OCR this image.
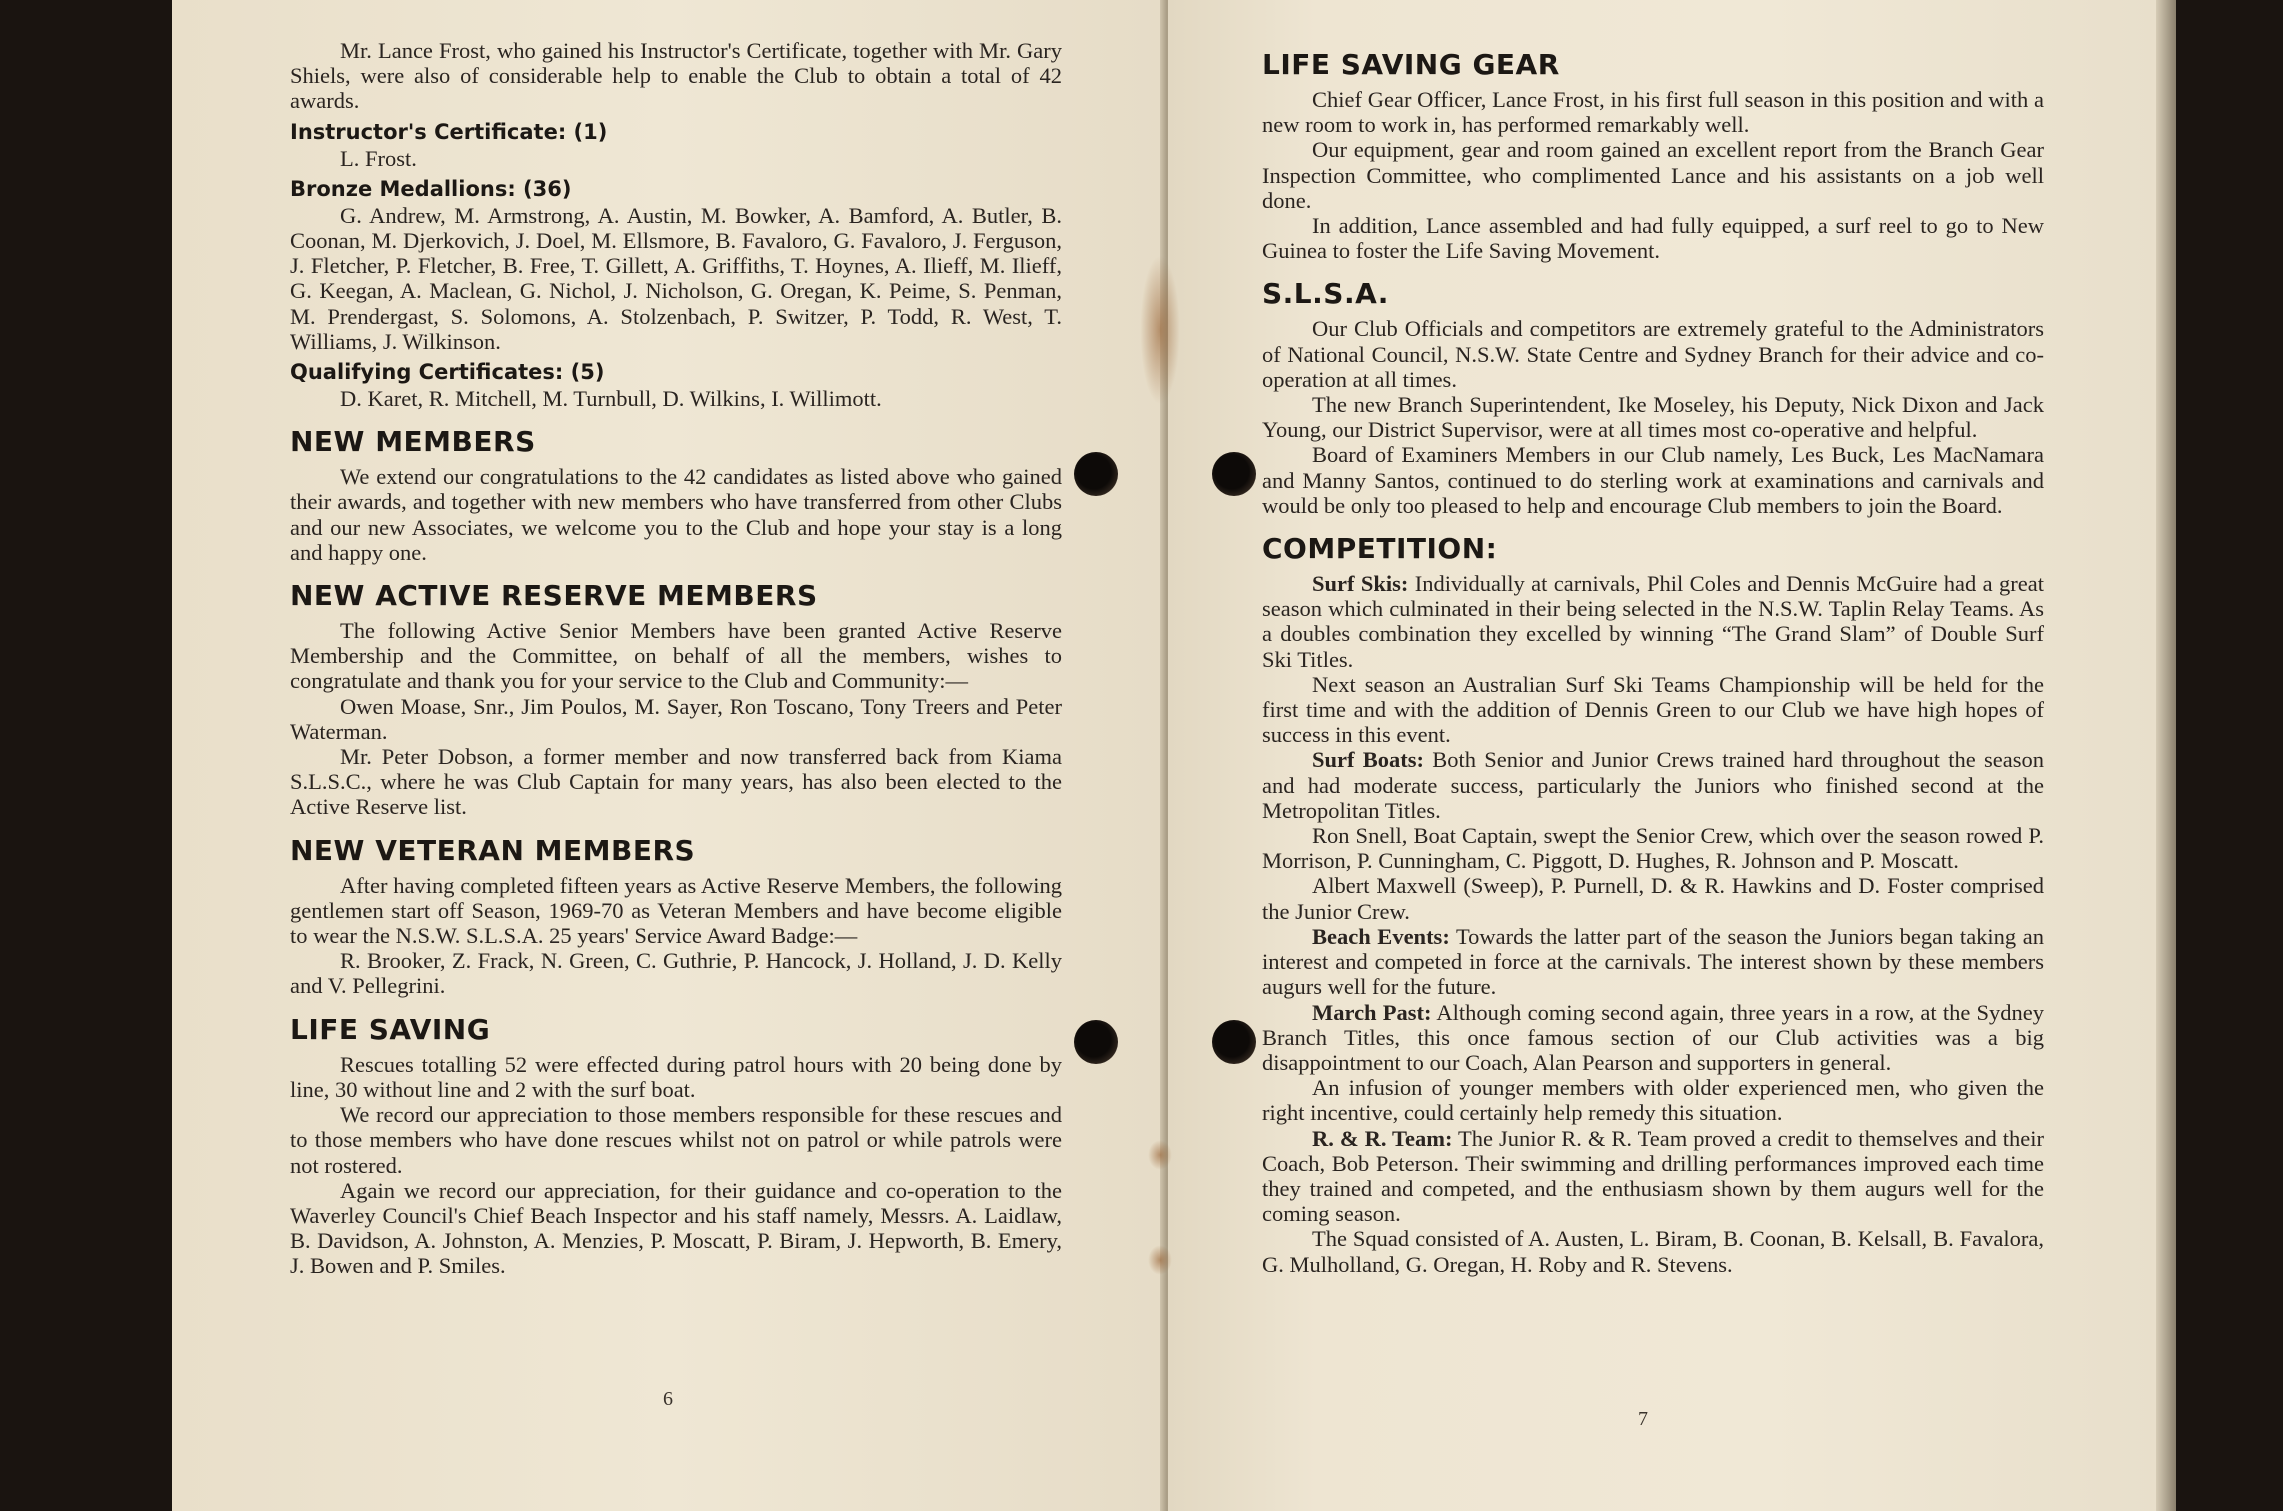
Mr. Lance Frost, who gained his Instructor's Certificate, together with Mr. Gary Shiels, were also of considerable help to enable the Club to obtain a total of 42 awards.

Instructor's Certificate: (1)

L. Frost.

Bronze Medallions: (36)

G. Andrew, M. Armstrong, A. Austin, M. Bowker, A. Bamford, A. Butler, B. Coonan, M. Djerkovich, J. Doel, M. Ellsmore, B. Favaloro, G. Favaloro, J. Ferguson, J. Fletcher, P. Fletcher, B. Free, T. Gillett, A. Griffiths, T. Hoynes, A. Ilieff, M. Ilieff, G. Keegan, A. Maclean, G. Nichol, J. Nicholson, G. Oregan, K. Peime, S. Penman, M. Prendergast, S. Solomons, A. Stolzenbach, P. Switzer, P. Todd, R. West, T. Williams, J. Wilkinson.

Qualifying Certificates: (5)

D. Karet, R. Mitchell, M. Turnbull, D. Wilkins, I. Willimott.

NEW MEMBERS

We extend our congratulations to the 42 candidates as listed above who gained their awards, and together with new members who have transferred from other Clubs and our new Associates, we welcome you to the Club and hope your stay is a long and happy one.

NEW ACTIVE RESERVE MEMBERS

The following Active Senior Members have been granted Active Reserve Membership and the Committee, on behalf of all the members, wishes to congratulate and thank you for your service to the Club and Community:—

Owen Moase, Snr., Jim Poulos, M. Sayer, Ron Toscano, Tony Treers and Peter Waterman.

Mr. Peter Dobson, a former member and now transferred back from Kiama S.L.S.C., where he was Club Captain for many years, has also been elected to the Active Reserve list.

NEW VETERAN MEMBERS

After having completed fifteen years as Active Reserve Members, the following gentlemen start off Season, 1969-70 as Veteran Members and have become eligible to wear the N.S.W. S.L.S.A. 25 years' Service Award Badge:—

R. Brooker, Z. Frack, N. Green, C. Guthrie, P. Hancock, J. Holland, J. D. Kelly and V. Pellegrini.

LIFE SAVING

Rescues totalling 52 were effected during patrol hours with 20 being done by line, 30 without line and 2 with the surf boat.

We record our appreciation to those members responsible for these rescues and to those members who have done rescues whilst not on patrol or while patrols were not rostered.

Again we record our appreciation, for their guidance and co-operation to the Waverley Council's Chief Beach Inspector and his staff namely, Messrs. A. Laidlaw, B. Davidson, A. Johnston, A. Menzies, P. Moscatt, P. Biram, J. Hepworth, B. Emery, J. Bowen and P. Smiles.

6
LIFE SAVING GEAR

Chief Gear Officer, Lance Frost, in his first full season in this position and with a new room to work in, has performed remarkably well.

Our equipment, gear and room gained an excellent report from the Branch Gear Inspection Committee, who complimented Lance and his assistants on a job well done.

In addition, Lance assembled and had fully equipped, a surf reel to go to New Guinea to foster the Life Saving Movement.

S.L.S.A.

Our Club Officials and competitors are extremely grateful to the Administrators of National Council, N.S.W. State Centre and Sydney Branch for their advice and co-operation at all times.

The new Branch Superintendent, Ike Moseley, his Deputy, Nick Dixon and Jack Young, our District Supervisor, were at all times most co-operative and helpful.

Board of Examiners Members in our Club namely, Les Buck, Les MacNamara and Manny Santos, continued to do sterling work at examinations and carnivals and would be only too pleased to help and encourage Club members to join the Board.

COMPETITION:

Surf Skis: Individually at carnivals, Phil Coles and Dennis McGuire had a great season which culminated in their being selected in the N.S.W. Taplin Relay Teams. As a doubles combination they excelled by winning “The Grand Slam” of Double Surf Ski Titles.

Next season an Australian Surf Ski Teams Championship will be held for the first time and with the addition of Dennis Green to our Club we have high hopes of success in this event.

Surf Boats: Both Senior and Junior Crews trained hard throughout the season and had moderate success, particularly the Juniors who finished second at the Metropolitan Titles.

Ron Snell, Boat Captain, swept the Senior Crew, which over the season rowed P. Morrison, P. Cunningham, C. Piggott, D. Hughes, R. Johnson and P. Moscatt.

Albert Maxwell (Sweep), P. Purnell, D. & R. Hawkins and D. Foster comprised the Junior Crew.

Beach Events: Towards the latter part of the season the Juniors began taking an interest and competed in force at the carnivals. The interest shown by these members augurs well for the future.

March Past: Although coming second again, three years in a row, at the Sydney Branch Titles, this once famous section of our Club activities was a big disappointment to our Coach, Alan Pearson and supporters in general.

An infusion of younger members with older experienced men, who given the right incentive, could certainly help remedy this situation.

R. & R. Team: The Junior R. & R. Team proved a credit to themselves and their Coach, Bob Peterson. Their swimming and drilling performances improved each time they trained and competed, and the enthusiasm shown by them augurs well for the coming season.

The Squad consisted of A. Austen, L. Biram, B. Coonan, B. Kelsall, B. Favalora, G. Mulholland, G. Oregan, H. Roby and R. Stevens.

7
